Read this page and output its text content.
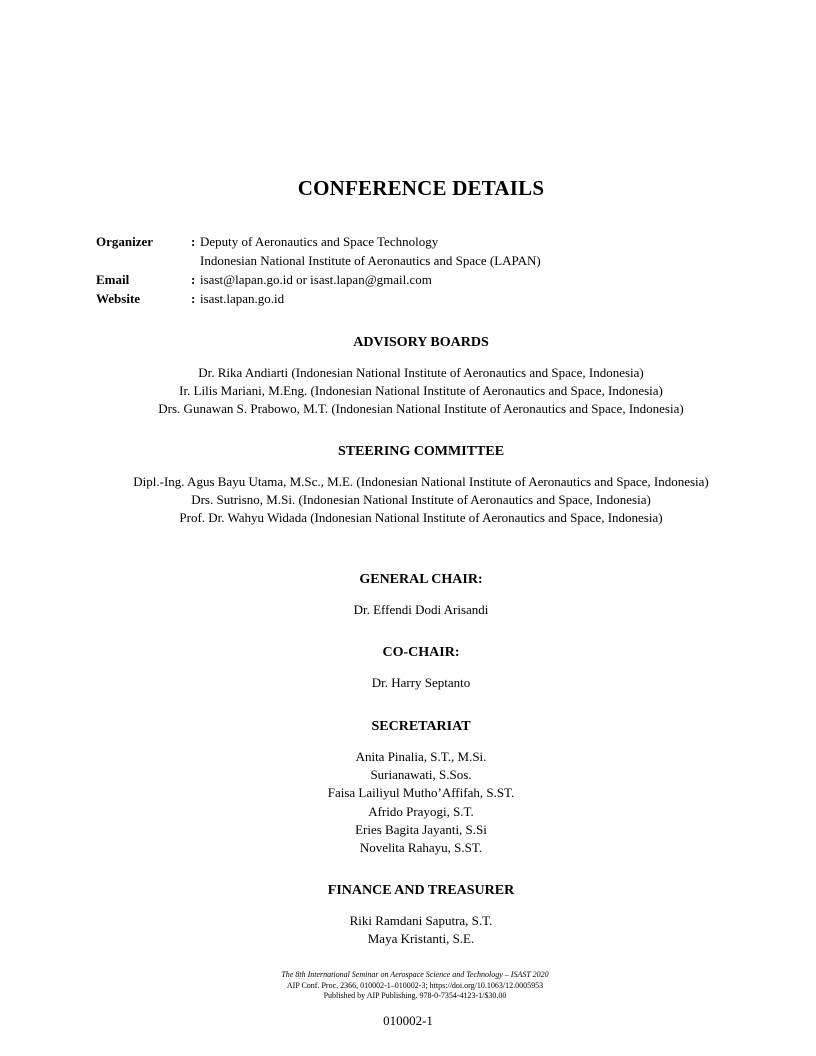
CONFERENCE DETAILS
Organizer	: Deputy of Aeronautics and Space Technology
Indonesian National Institute of Aeronautics and Space (LAPAN)
Email	: isast@lapan.go.id or isast.lapan@gmail.com
Website	: isast.lapan.go.id
ADVISORY BOARDS
Dr. Rika Andiarti (Indonesian National Institute of Aeronautics and Space, Indonesia)
Ir. Lilis Mariani, M.Eng. (Indonesian National Institute of Aeronautics and Space, Indonesia)
Drs. Gunawan S. Prabowo, M.T. (Indonesian National Institute of Aeronautics and Space, Indonesia)
STEERING COMMITTEE
Dipl.-Ing. Agus Bayu Utama, M.Sc., M.E. (Indonesian National Institute of Aeronautics and Space, Indonesia)
Drs. Sutrisno, M.Si. (Indonesian National Institute of Aeronautics and Space, Indonesia)
Prof. Dr. Wahyu Widada (Indonesian National Institute of Aeronautics and Space, Indonesia)
GENERAL CHAIR:
Dr. Effendi Dodi Arisandi
CO-CHAIR:
Dr. Harry Septanto
SECRETARIAT
Anita Pinalia, S.T., M.Si.
Surianawati, S.Sos.
Faisa Lailiyul Mutho’Affifah, S.ST.
Afrido Prayogi, S.T.
Eries Bagita Jayanti, S.Si
Novelita Rahayu, S.ST.
FINANCE AND TREASURER
Riki Ramdani Saputra, S.T.
Maya Kristanti, S.E.
The 8th International Seminar on Aerospace Science and Technology – ISAST 2020
AIP Conf. Proc. 2366, 010002-1–010002-3; https://doi.org/10.1063/12.0005953
Published by AIP Publishing. 978-0-7354-4123-1/$30.00
010002-1
